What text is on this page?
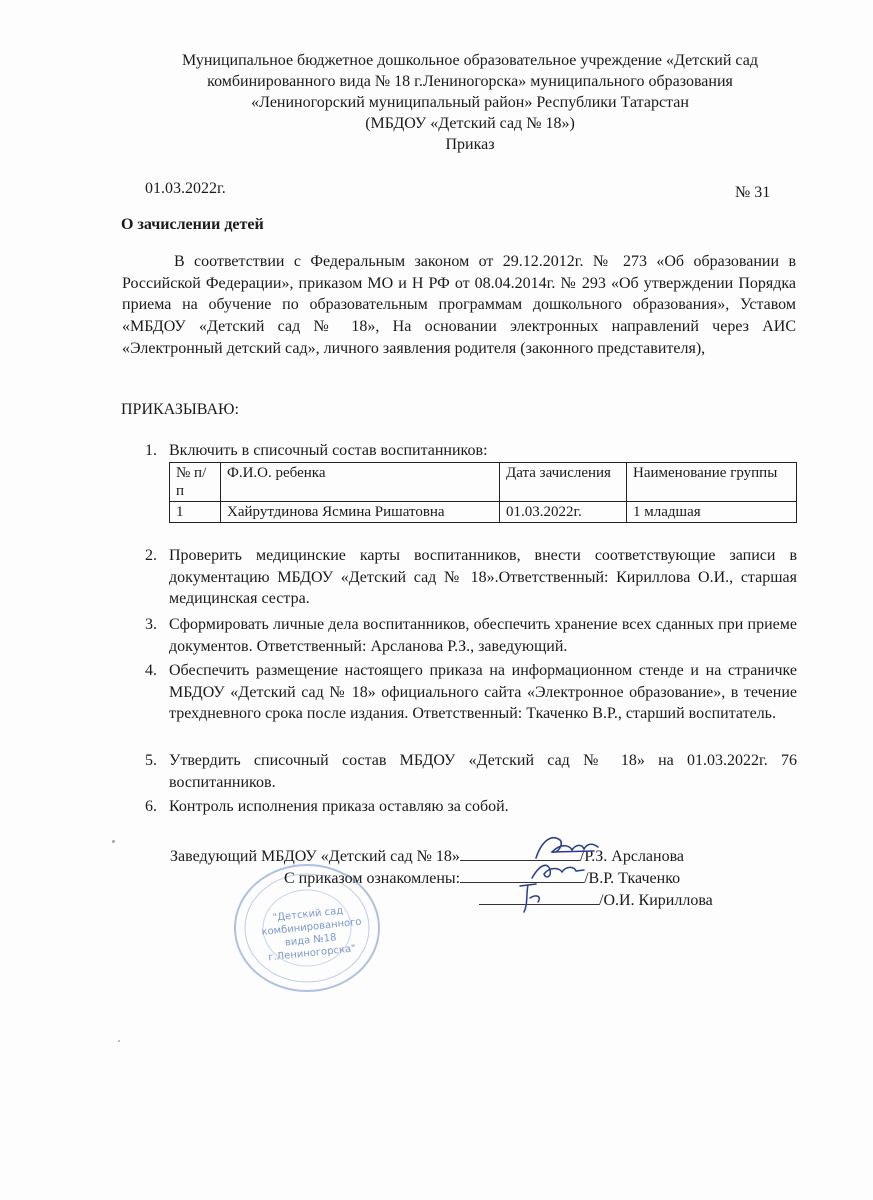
Муниципальное бюджетное дошкольное образовательное учреждение «Детский сад
комбинированного вида № 18 г.Лениногорска» муниципального образования
«Лениногорский муниципальный район» Республики Татарстан
(МБДОУ «Детский сад № 18»)
Приказ
01.03.2022г.	№ 31
О зачислении детей

В соответствии с Федеральным законом от 29.12.2012г. № 273 «Об образовании в Российской Федерации», приказом МО и Н РФ от 08.04.2014г. № 293 «Об утверждении Порядка приема на обучение по образовательным программам дошкольного образования», Уставом «МБДОУ «Детский сад № 18», На основании электронных направлений через АИС «Электронный детский сад», личного заявления родителя (законного представителя),

ПРИКАЗЫВАЮ:
1. Включить в списочный состав воспитанников:
№ п/п	Ф.И.О. ребенка	Дата зачисления	Наименование группы
1	Хайрутдинова Ясмина Ришатовна	01.03.2022г.	1 младшая
2. Проверить медицинские карты воспитанников, внести соответствующие записи в документацию МБДОУ «Детский сад № 18».Ответственный: Кириллова О.И., старшая медицинская сестра.
3. Сформировать личные дела воспитанников, обеспечить хранение всех сданных при приеме документов. Ответственный: Арсланова Р.З., заведующий.
4. Обеспечить размещение настоящего приказа на информационном стенде и на страничке МБДОУ «Детский сад № 18» официального сайта «Электронное образование», в течение трехдневного срока после издания. Ответственный: Ткаченко В.Р., старший воспитатель.
5. Утвердить списочный состав МБДОУ «Детский сад № 18» на 01.03.2022г. 76 воспитанников.
6. Контроль исполнения приказа оставляю за собой.
"Детский сад комбинированного вида №18 г.Лениногорска"
Заведующий МБДОУ «Детский сад № 18»	/Р.З. Арсланова
С приказом ознакомлены:	/В.Р. Ткаченко
/О.И. Кириллова
